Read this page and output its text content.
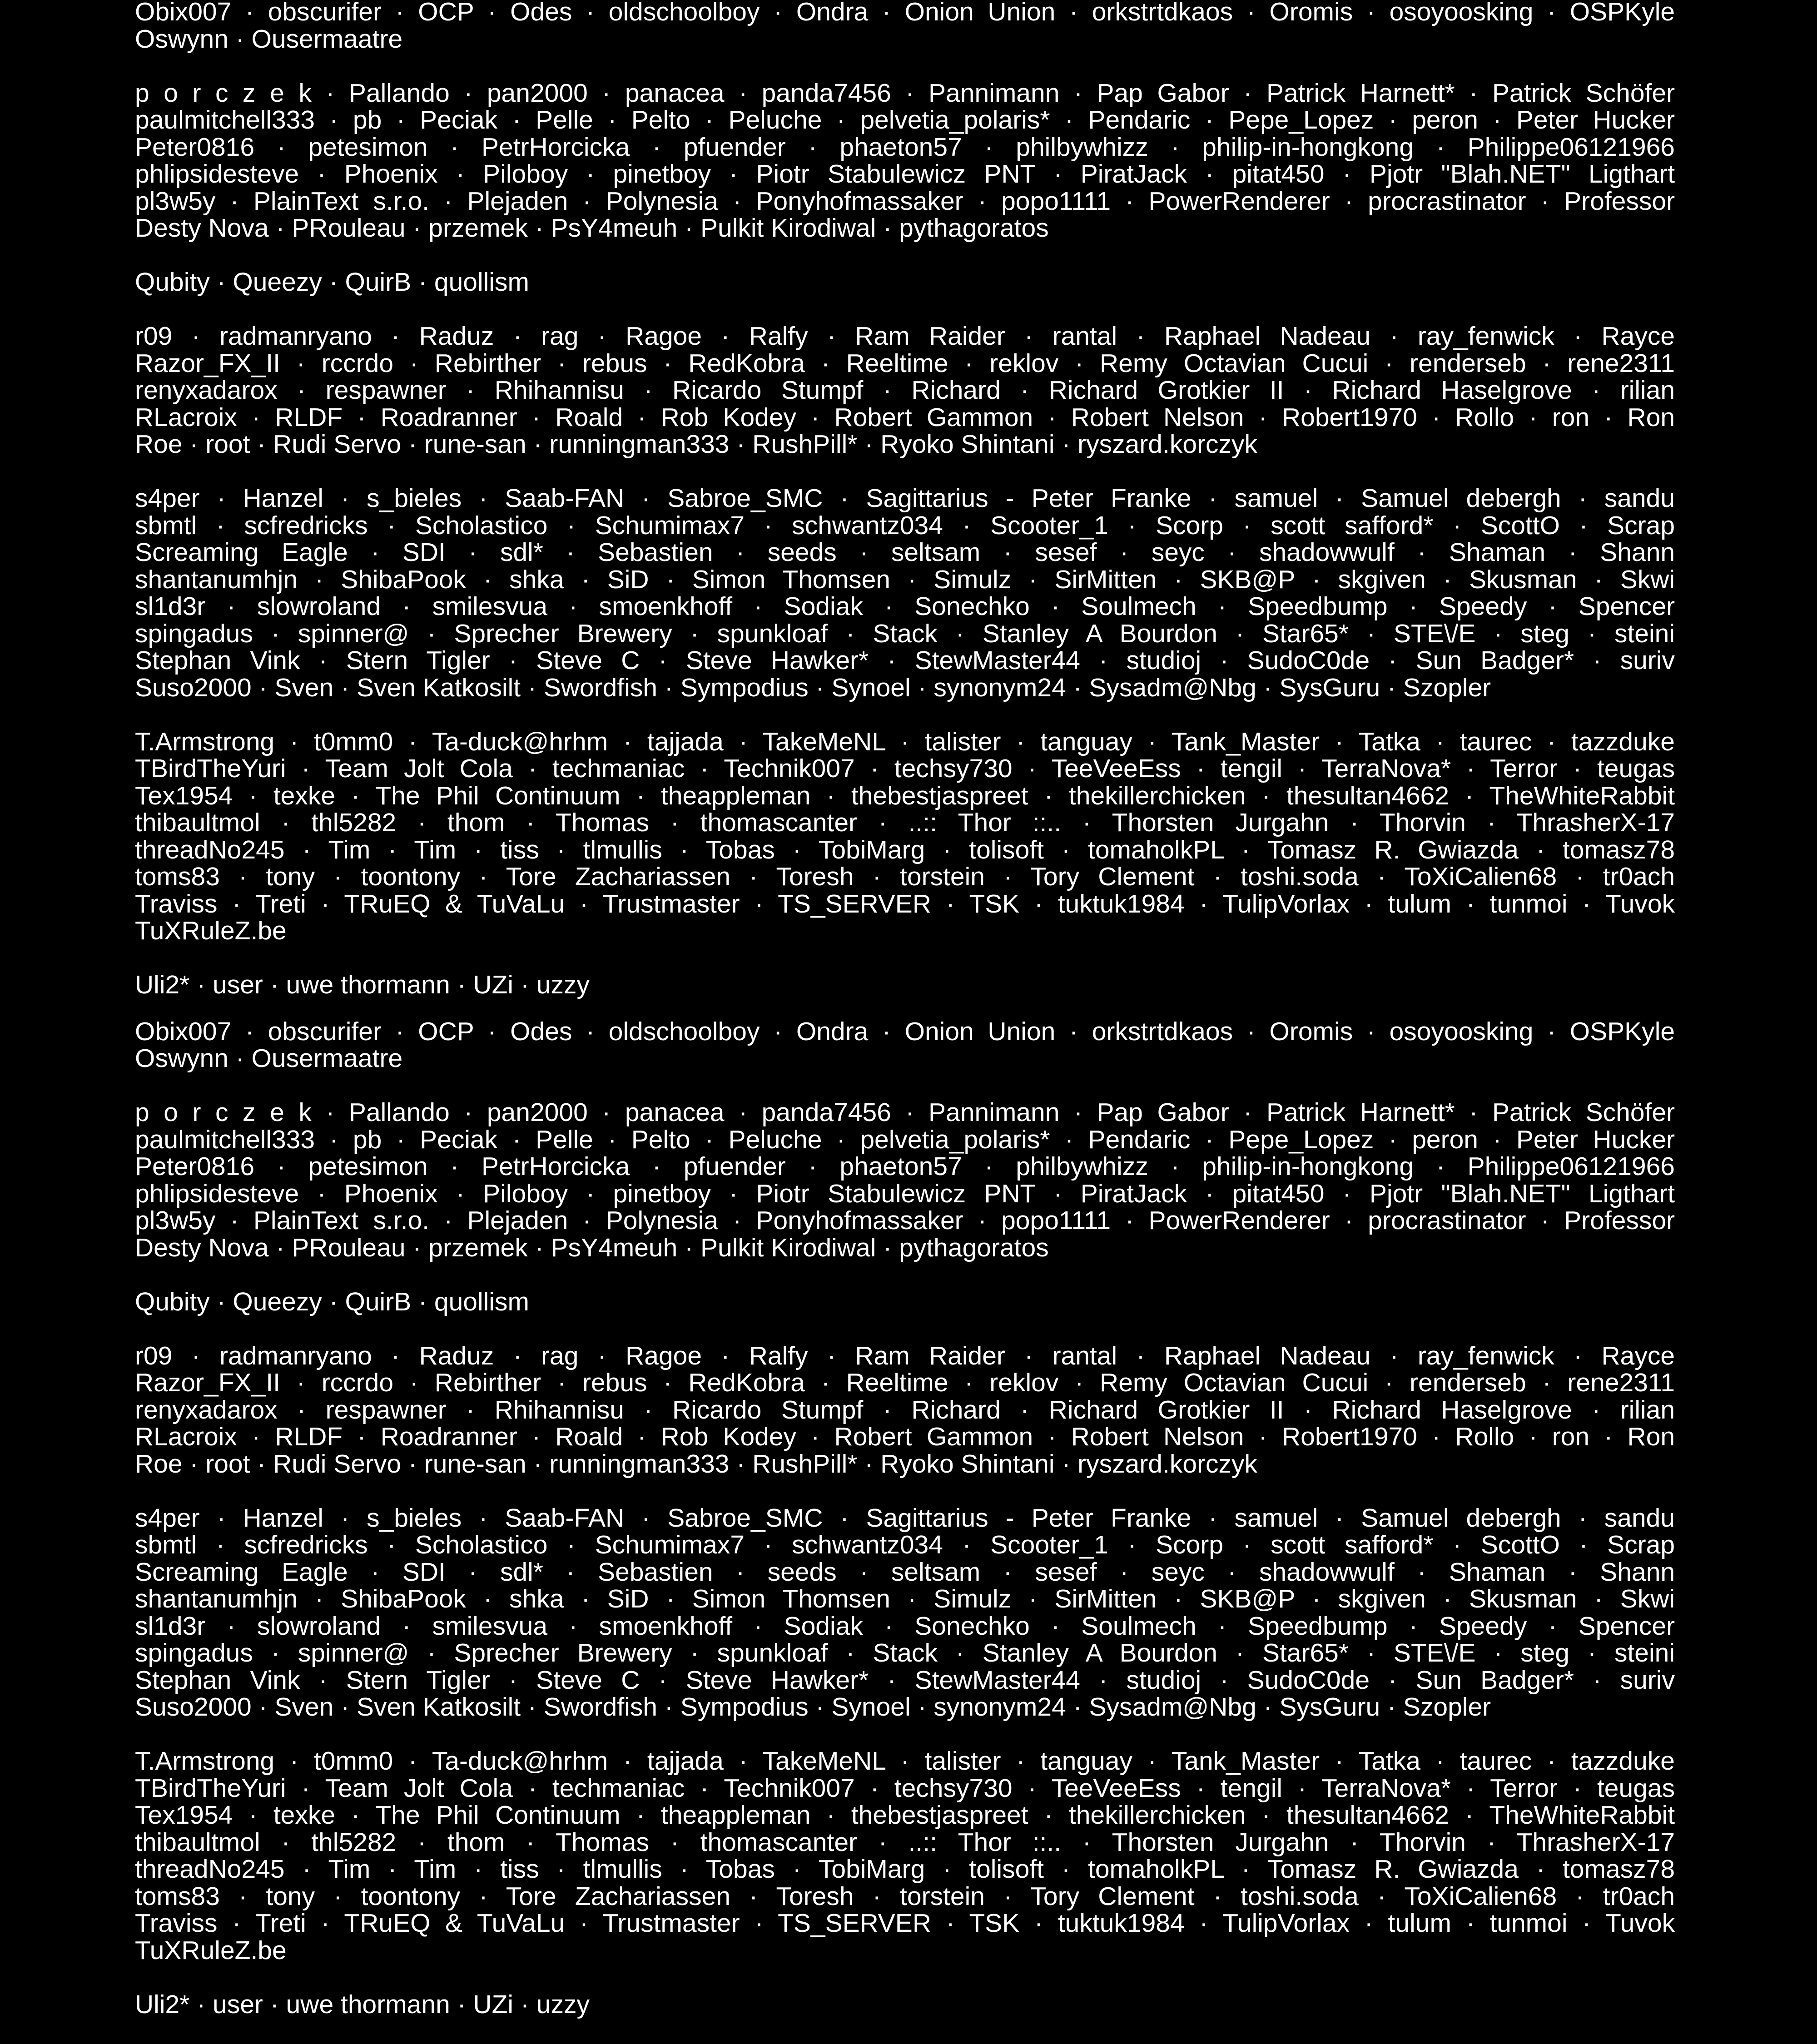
Obix007 · obscurifer · OCP · Odes · oldschoolboy · Ondra · Onion Union · orkstrtdkaos · Oromis · osoyoosking · OSPKyle
Oswynn · Ousermaatre
p o r c z e k · Pallando · pan2000 · panacea · panda7456 · Pannimann · Pap Gabor · Patrick Harnett* · Patrick Schöfer
paulmitchell333 · pb · Peciak · Pelle · Pelto · Peluche · pelvetia_polaris* · Pendaric · Pepe_Lopez · peron · Peter Hucker
Peter0816 · petesimon · PetrHorcicka · pfuender · phaeton57 · philbywhizz · philip-in-hongkong · Philippe06121966
phlipsidesteve · Phoenix · Piloboy · pinetboy · Piotr Stabulewicz PNT · PiratJack · pitat450 · Pjotr "Blah.NET" Ligthart
pl3w5y · PlainText s.r.o. · Plejaden · Polynesia · Ponyhofmassaker · popo1111 · PowerRenderer · procrastinator · Professor
Desty Nova · PRouleau · przemek · PsY4meuh · Pulkit Kirodiwal · pythagoratos
Qubity · Queezy · QuirB · quollism
r09 · radmanryano · Raduz · rag · Ragoe · Ralfy · Ram Raider · rantal · Raphael Nadeau · ray_fenwick · Rayce
Razor_FX_II · rccrdo · Rebirther · rebus · RedKobra · Reeltime · reklov · Remy Octavian Cucui · renderseb · rene2311
renyxadarox · respawner · Rhihannisu · Ricardo Stumpf · Richard · Richard Grotkier II · Richard Haselgrove · rilian
RLacroix · RLDF · Roadranner · Roald · Rob Kodey · Robert Gammon · Robert Nelson · Robert1970 · Rollo · ron · Ron
Roe · root · Rudi Servo · rune-san · runningman333 · RushPill* · Ryoko Shintani · ryszard.korczyk
s4per · Hanzel · s_bieles · Saab-FAN · Sabroe_SMC · Sagittarius - Peter Franke · samuel · Samuel debergh · sandu
sbmtl · scfredricks · Scholastico · Schumimax7 · schwantz034 · Scooter_1 · Scorp · scott safford* · ScottO · Scrap
Screaming Eagle · SDI · sdl* · Sebastien · seeds · seltsam · sesef · seyc · shadowwulf · Shaman · Shann
shantanumhjn · ShibaPook · shka · SiD · Simon Thomsen · Simulz · SirMitten · SKB@P · skgiven · Skusman · Skwi
sl1d3r · slowroland · smilesvua · smoenkhoff · Sodiak · Sonechko · Soulmech · Speedbump · Speedy · Spencer
spingadus · spinner@ · Sprecher Brewery · spunkloaf · Stack · Stanley A Bourdon · Star65* · STE\/E · steg · steini
Stephan Vink · Stern Tigler · Steve C · Steve Hawker* · StewMaster44 · studioj · SudoC0de · Sun Badger* · suriv
Suso2000 · Sven · Sven Katkosilt · Swordfish · Sympodius · Synoel · synonym24 · Sysadm@Nbg · SysGuru · Szopler
T.Armstrong · t0mm0 · Ta-duck@hrhm · tajjada · TakeMeNL · talister · tanguay · Tank_Master · Tatka · taurec · tazzduke
TBirdTheYuri · Team Jolt Cola · techmaniac · Technik007 · techsy730 · TeeVeeEss · tengil · TerraNova* · Terror · teugas
Tex1954 · texke · The Phil Continuum · theappleman · thebestjaspreet · thekillerchicken · thesultan4662 · TheWhiteRabbit
thibaultmol · thl5282 · thom · Thomas · thomascanter · ..:: Thor ::.. · Thorsten Jurgahn · Thorvin · ThrasherX-17
threadNo245 · Tim · Tim · tiss · tlmullis · Tobas · TobiMarg · tolisoft · tomaholkPL · Tomasz R. Gwiazda · tomasz78
toms83 · tony · toontony · Tore Zachariassen · Toresh · torstein · Tory Clement · toshi.soda · ToXiCalien68 · tr0ach
Traviss · Treti · TRuEQ & TuVaLu · Trustmaster · TS_SERVER · TSK · tuktuk1984 · TulipVorlax · tulum · tunmoi · Tuvok
TuXRuleZ.be
Uli2* · user · uwe thormann · UZi · uzzy
Obix007 · obscurifer · OCP · Odes · oldschoolboy · Ondra · Onion Union · orkstrtdkaos · Oromis · osoyoosking · OSPKyle
Oswynn · Ousermaatre
p o r c z e k · Pallando · pan2000 · panacea · panda7456 · Pannimann · Pap Gabor · Patrick Harnett* · Patrick Schöfer
paulmitchell333 · pb · Peciak · Pelle · Pelto · Peluche · pelvetia_polaris* · Pendaric · Pepe_Lopez · peron · Peter Hucker
Peter0816 · petesimon · PetrHorcicka · pfuender · phaeton57 · philbywhizz · philip-in-hongkong · Philippe06121966
phlipsidesteve · Phoenix · Piloboy · pinetboy · Piotr Stabulewicz PNT · PiratJack · pitat450 · Pjotr "Blah.NET" Ligthart
pl3w5y · PlainText s.r.o. · Plejaden · Polynesia · Ponyhofmassaker · popo1111 · PowerRenderer · procrastinator · Professor
Desty Nova · PRouleau · przemek · PsY4meuh · Pulkit Kirodiwal · pythagoratos
Qubity · Queezy · QuirB · quollism
r09 · radmanryano · Raduz · rag · Ragoe · Ralfy · Ram Raider · rantal · Raphael Nadeau · ray_fenwick · Rayce
Razor_FX_II · rccrdo · Rebirther · rebus · RedKobra · Reeltime · reklov · Remy Octavian Cucui · renderseb · rene2311
renyxadarox · respawner · Rhihannisu · Ricardo Stumpf · Richard · Richard Grotkier II · Richard Haselgrove · rilian
RLacroix · RLDF · Roadranner · Roald · Rob Kodey · Robert Gammon · Robert Nelson · Robert1970 · Rollo · ron · Ron
Roe · root · Rudi Servo · rune-san · runningman333 · RushPill* · Ryoko Shintani · ryszard.korczyk
s4per · Hanzel · s_bieles · Saab-FAN · Sabroe_SMC · Sagittarius - Peter Franke · samuel · Samuel debergh · sandu
sbmtl · scfredricks · Scholastico · Schumimax7 · schwantz034 · Scooter_1 · Scorp · scott safford* · ScottO · Scrap
Screaming Eagle · SDI · sdl* · Sebastien · seeds · seltsam · sesef · seyc · shadowwulf · Shaman · Shann
shantanumhjn · ShibaPook · shka · SiD · Simon Thomsen · Simulz · SirMitten · SKB@P · skgiven · Skusman · Skwi
sl1d3r · slowroland · smilesvua · smoenkhoff · Sodiak · Sonechko · Soulmech · Speedbump · Speedy · Spencer
spingadus · spinner@ · Sprecher Brewery · spunkloaf · Stack · Stanley A Bourdon · Star65* · STE\/E · steg · steini
Stephan Vink · Stern Tigler · Steve C · Steve Hawker* · StewMaster44 · studioj · SudoC0de · Sun Badger* · suriv
Suso2000 · Sven · Sven Katkosilt · Swordfish · Sympodius · Synoel · synonym24 · Sysadm@Nbg · SysGuru · Szopler
T.Armstrong · t0mm0 · Ta-duck@hrhm · tajjada · TakeMeNL · talister · tanguay · Tank_Master · Tatka · taurec · tazzduke
TBirdTheYuri · Team Jolt Cola · techmaniac · Technik007 · techsy730 · TeeVeeEss · tengil · TerraNova* · Terror · teugas
Tex1954 · texke · The Phil Continuum · theappleman · thebestjaspreet · thekillerchicken · thesultan4662 · TheWhiteRabbit
thibaultmol · thl5282 · thom · Thomas · thomascanter · ..:: Thor ::.. · Thorsten Jurgahn · Thorvin · ThrasherX-17
threadNo245 · Tim · Tim · tiss · tlmullis · Tobas · TobiMarg · tolisoft · tomaholkPL · Tomasz R. Gwiazda · tomasz78
toms83 · tony · toontony · Tore Zachariassen · Toresh · torstein · Tory Clement · toshi.soda · ToXiCalien68 · tr0ach
Traviss · Treti · TRuEQ & TuVaLu · Trustmaster · TS_SERVER · TSK · tuktuk1984 · TulipVorlax · tulum · tunmoi · Tuvok
TuXRuleZ.be
Uli2* · user · uwe thormann · UZi · uzzy
